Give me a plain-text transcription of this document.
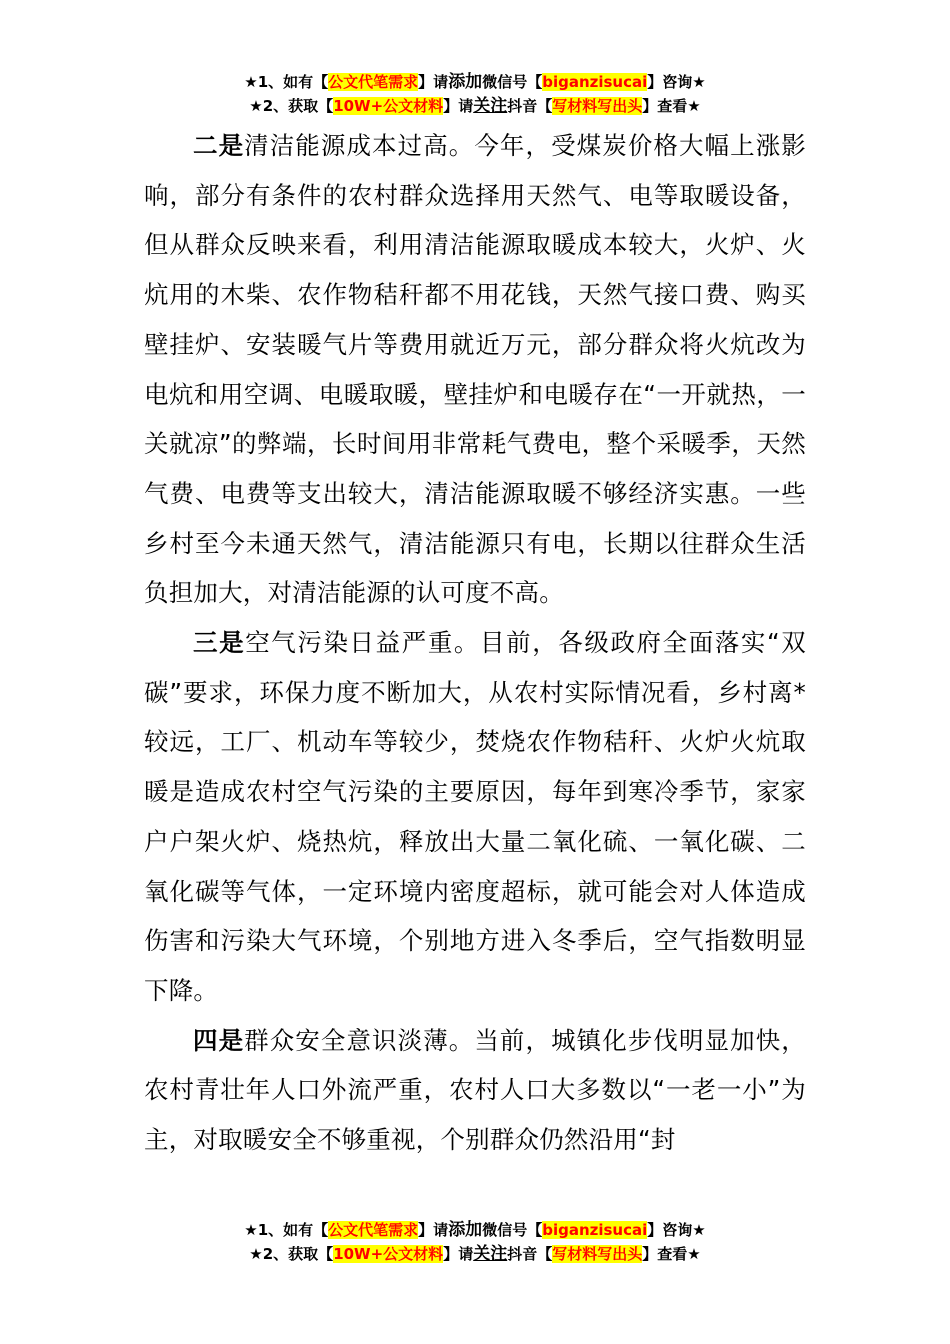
★1、如有【公文代笔需求】请添加微信号【biganzisucai】咨询★
★2、获取【10W+公文材料】请关注抖音【写材料写出头】查看★

二是清洁能源成本过高。今年，受煤炭价格大幅上涨影响，部分有条件的农村群众选择用天然气、电等取暖设备，但从群众反映来看，利用清洁能源取暖成本较大，火炉、火炕用的木柴、农作物秸秆都不用花钱，天然气接口费、购买壁挂炉、安装暖气片等费用就近万元，部分群众将火炕改为电炕和用空调、电暖取暖，壁挂炉和电暖存在“一开就热，一关就凉”的弊端，长时间用非常耗气费电，整个采暖季，天然气费、电费等支出较大，清洁能源取暖不够经济实惠。一些乡村至今未通天然气，清洁能源只有电，长期以往群众生活负担加大，对清洁能源的认可度不高。

三是空气污染日益严重。目前，各级政府全面落实“双碳”要求，环保力度不断加大，从农村实际情况看，乡村离*较远，工厂、机动车等较少，焚烧农作物秸秆、火炉火炕取暖是造成农村空气污染的主要原因，每年到寒冷季节，家家户户架火炉、烧热炕，释放出大量二氧化硫、一氧化碳、二氧化碳等气体，一定环境内密度超标，就可能会对人体造成伤害和污染大气环境，个别地方进入冬季后，空气指数明显下降。

四是群众安全意识淡薄。当前，城镇化步伐明显加快，农村青壮年人口外流严重，农村人口大多数以“一老一小”为主，对取暖安全不够重视，个别群众仍然沿用“封

★1、如有【公文代笔需求】请添加微信号【biganzisucai】咨询★
★2、获取【10W+公文材料】请关注抖音【写材料写出头】查看★
